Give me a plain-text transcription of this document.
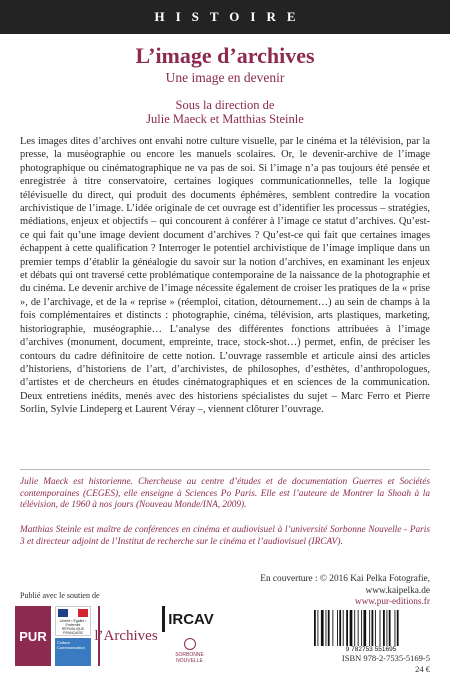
HISTOIRE
L’image d’archives
Une image en devenir
Sous la direction de
Julie Maeck et Matthias Steinle

Les images dites d’archives ont envahi notre culture visuelle, par le cinéma et la télévision, par la presse, la muséographie ou encore les manuels scolaires. Or, le devenir-archive de l’image photographique ou cinématographique ne va pas de soi. Si l’image n’a pas toujours été pensée et enregistrée à titre conservatoire, certaines logiques communicationnelles, telle la logique télévisuelle du direct, qui produit des documents éphémères, semblent contredire la vocation archivistique de l’image. L’idée originale de cet ouvrage est d’identifier les processus – stratégies, médiations, enjeux et objectifs – qui concourent à conférer à l’image ce statut d’archives. Qu’est-ce qui fait qu’une image devient document d’archives ? Qu’est-ce qui fait que certaines images échappent à cette qualification ? Interroger le potentiel archivistique de l’image implique dans un premier temps d’établir la généalogie du savoir sur la notion d’archives, en examinant les enjeux et débats qui ont traversé cette problématique contemporaine de la naissance de la photographie et du cinéma. Le devenir archive de l’image nécessite également de croiser les pratiques de la « prise », de l’archivage, et de la « reprise » (réemploi, citation, détournement…) au sein de champs à la fois complémentaires et distincts : photographie, cinéma, télévision, arts plastiques, marketing, historiographie, muséographie… L’analyse des différentes fonctions attribuées à l’image d’archives (monument, document, empreinte, trace, stock-shot…) permet, enfin, de préciser les contours du cadre définitoire de cette notion. L’ouvrage rassemble et articule ainsi des articles d’historiens, d’historiens de l’art, d’archivistes, de philosophes, d’esthètes, d’anthropologues, d’artistes et de chercheurs en études cinématographiques et en sciences de la communication. Deux entretiens inédits, menés avec des historiens spécialistes du sujet – Marc Ferro et Pierre Sorlin, Sylvie Lindeperg et Laurent Véray –, viennent clôturer l’ouvrage.

Julie Maeck est historienne. Chercheuse au centre d’études et de documentation Guerres et Sociétés contemporaines (CEGES), elle enseigne à Sciences Po Paris. Elle est l’auteure de Montrer la Shoah à la télévision, de 1960 à nos jours (Nouveau Monde/INA, 2009).
Matthias Steinle est maître de conférences en cinéma et audiovisuel à l’université Sorbonne Nouvelle - Paris 3 et directeur adjoint de l’Institut de recherche sur le cinéma et l’audiovisuel (IRCAV).
En couverture : © 2016 Kai Pelka Fotografie,
www.kaipelka.de
www.pur-editions.fr
Publié avec le soutien de
PUR
Liberté • Égalité • Fraternité RÉPUBLIQUE FRANÇAISE
Culture Communication
l’Archives
IRCAV
SORBONNE NOUVELLE
9 782753 551695
ISBN 978-2-7535-5169-5
24 €
